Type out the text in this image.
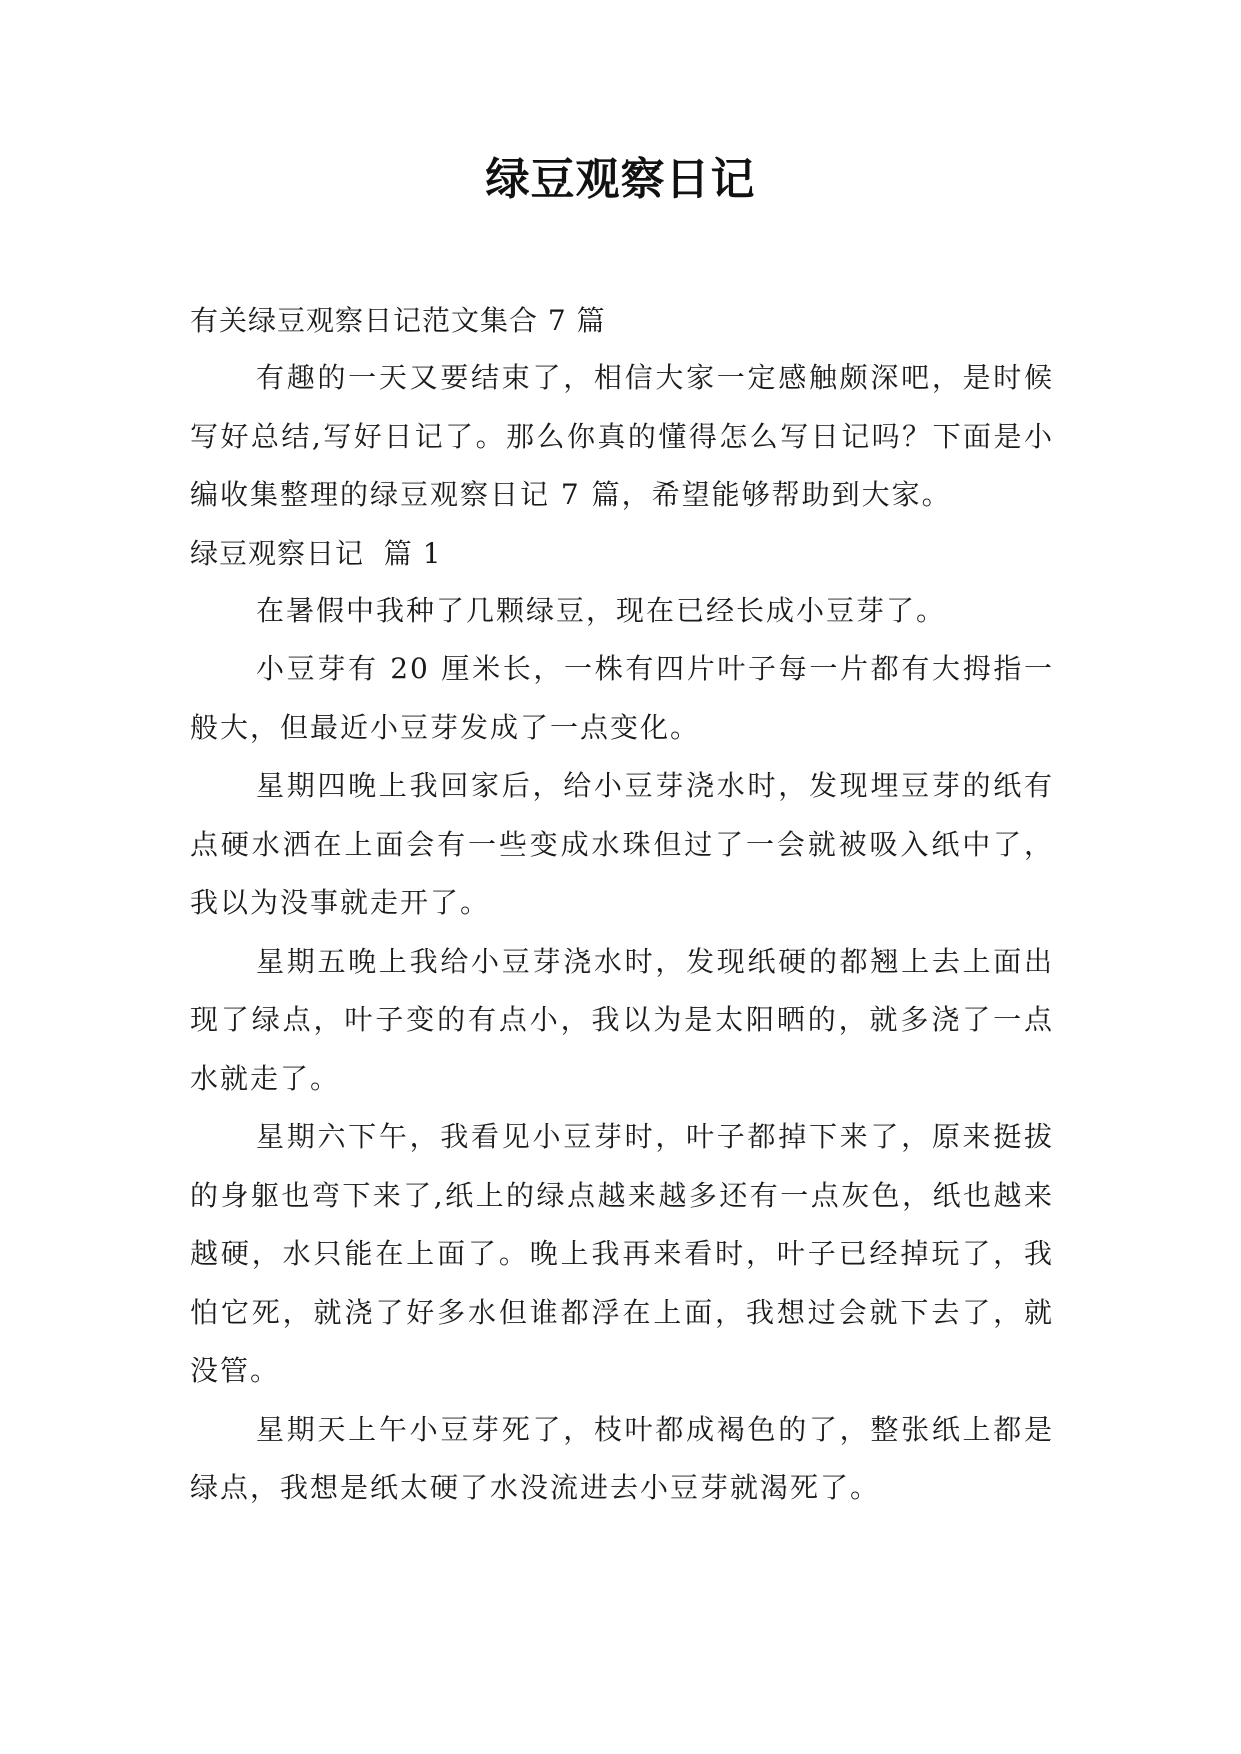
绿豆观察日记

有关绿豆观察日记范文集合 7 篇

有趣的一天又要结束了，相信大家一定感触颇深吧，是时候写好总结,写好日记了。那么你真的懂得怎么写日记吗？下面是小编收集整理的绿豆观察日记 7 篇，希望能够帮助到大家。

绿豆观察日记  篇 1

在暑假中我种了几颗绿豆，现在已经长成小豆芽了。

小豆芽有 20 厘米长，一株有四片叶子每一片都有大拇指一般大，但最近小豆芽发成了一点变化。

星期四晚上我回家后，给小豆芽浇水时，发现埋豆芽的纸有点硬水洒在上面会有一些变成水珠但过了一会就被吸入纸中了，我以为没事就走开了。

星期五晚上我给小豆芽浇水时，发现纸硬的都翘上去上面出现了绿点，叶子变的有点小，我以为是太阳晒的，就多浇了一点水就走了。

星期六下午，我看见小豆芽时，叶子都掉下来了，原来挺拔的身躯也弯下来了,纸上的绿点越来越多还有一点灰色，纸也越来越硬，水只能在上面了。晚上我再来看时，叶子已经掉玩了，我怕它死，就浇了好多水但谁都浮在上面，我想过会就下去了，就没管。

星期天上午小豆芽死了，枝叶都成褐色的了，整张纸上都是绿点，我想是纸太硬了水没流进去小豆芽就渴死了。
